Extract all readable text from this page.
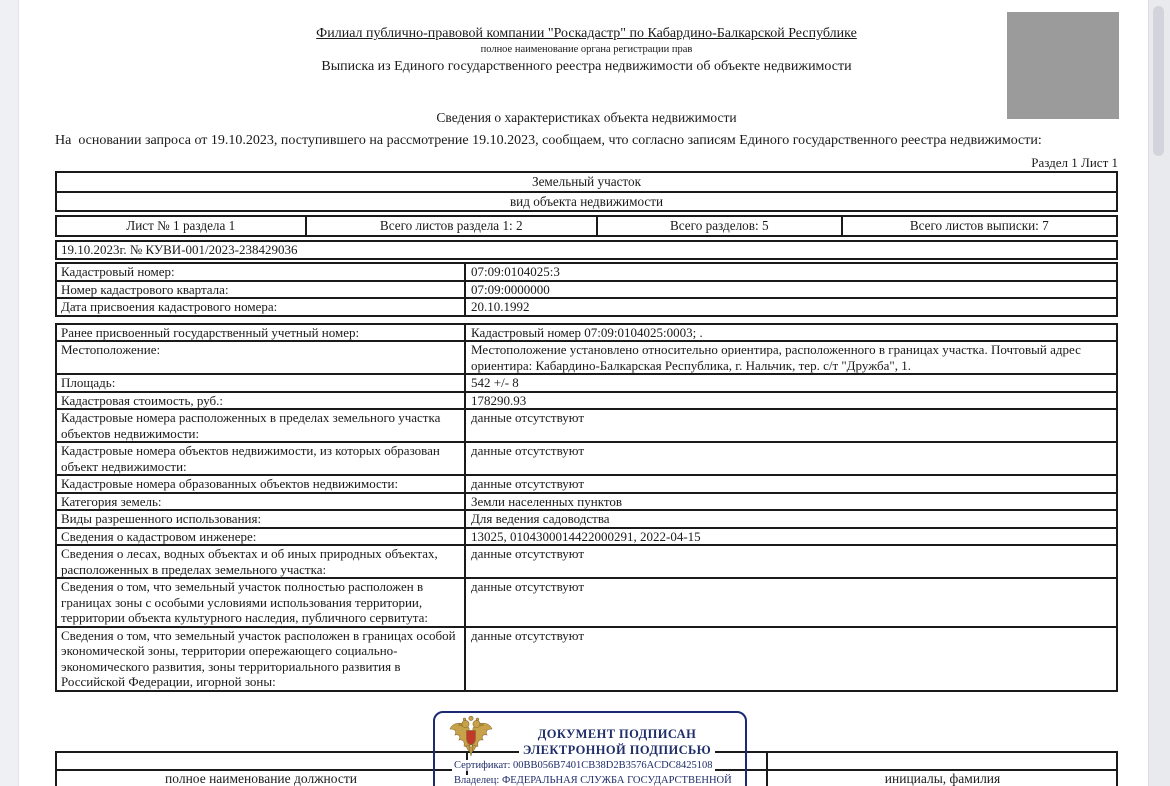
Филиал публично-правовой компании "Роскадастр" по Кабардино-Балкарской Республике
полное наименование органа регистрации прав
Выписка из Единого государственного реестра недвижимости об объекте недвижимости
Сведения о характеристиках объекта недвижимости
На  основании запроса от 19.10.2023, поступившего на рассмотрение 19.10.2023, сообщаем, что согласно записям Единого государственного реестра недвижимости:
Раздел 1 Лист 1
Земельный участок
вид объекта недвижимости
Лист № 1 раздела 1	Всего листов раздела 1: 2	Всего разделов: 5	Всего листов выписки: 7
19.10.2023г. № КУВИ-001/2023-238429036
Кадастровый номер:	07:09:0104025:3
Номер кадастрового квартала:	07:09:0000000
Дата присвоения кадастрового номера:	20.10.1992
Ранее присвоенный государственный учетный номер:	Кадастровый номер 07:09:0104025:0003; .
Местоположение:	Местоположение установлено относительно ориентира, расположенного в границах участка. Почтовый адрес ориентира: Кабардино-Балкарская Республика, г. Нальчик, тер. с/т "Дружба", 1.
Площадь:	542 +/- 8
Кадастровая стоимость, руб.:	178290.93
Кадастровые номера расположенных в пределах земельного участка объектов недвижимости:
данные отсутствуют
Кадастровые номера объектов недвижимости, из которых образован объект недвижимости:
данные отсутствуют
Кадастровые номера образованных объектов недвижимости:	данные отсутствуют
Категория земель:	Земли населенных пунктов
Виды разрешенного использования:	Для ведения садоводства
Сведения о кадастровом инженере:	13025, 0104300014422000291, 2022-04-15
Сведения о лесах, водных объектах и об иных природных объектах, расположенных в пределах земельного участка:
данные отсутствуют
Сведения о том, что земельный участок полностью расположен в границах зоны с особыми условиями использования территории, территории объекта культурного наследия, публичного сервитута:
данные отсутствуют
Сведения о том, что земельный участок расположен в границах особой экономической зоны, территории опережающего социально-экономического развития, зоны территориального развития в Российской Федерации, игорной зоны:
данные отсутствуют
полное наименование должности	инициалы, фамилия
ДОКУМЕНТ ПОДПИСАН
ЭЛЕКТРОННОЙ ПОДПИСЬЮ
Сертификат: 00BB056B7401CB38D2B3576ACDC8425108
Владелец: ФЕДЕРАЛЬНАЯ СЛУЖБА ГОСУДАРСТВЕННОЙ
